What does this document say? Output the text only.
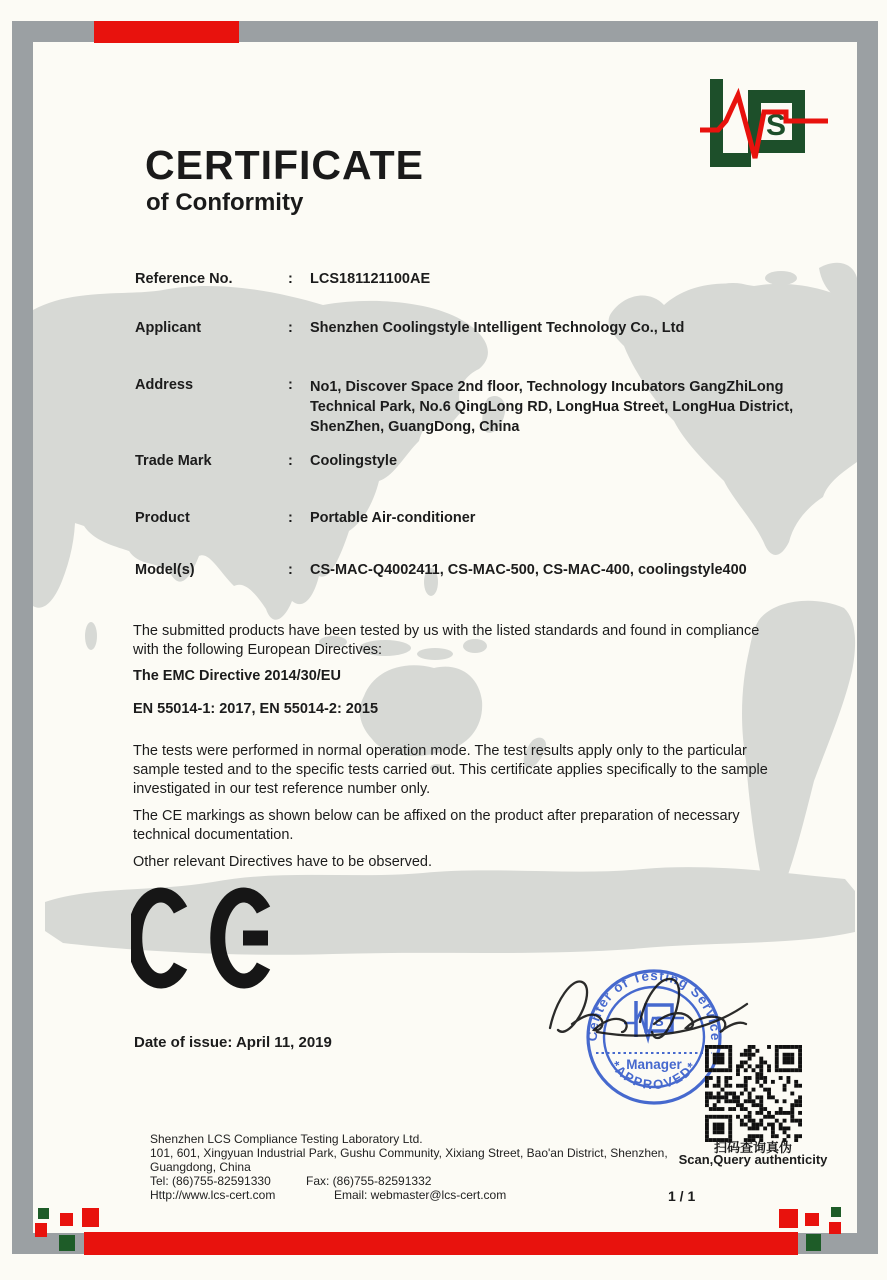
S
CERTIFICATE
of Conformity
Reference No.	: LCS181121100AE
Applicant	: Shenzhen Coolingstyle Intelligent Technology Co., Ltd
Address	: No1, Discover Space 2nd floor, Technology Incubators GangZhiLong
Technical Park, No.6 QingLong RD, LongHua Street, LongHua District,
ShenZhen, GuangDong, China
Trade Mark	: Coolingstyle
Product	: Portable Air-conditioner
Model(s)	: CS-MAC-Q4002411, CS-MAC-500, CS-MAC-400, coolingstyle400
The submitted products have been tested by us with the listed standards and found in compliance
with the following European Directives:
The EMC Directive 2014/30/EU
EN 55014-1: 2017, EN 55014-2: 2015
The tests were performed in normal operation mode. The test results apply only to the particular
sample tested and to the specific tests carried out. This certificate applies specifically to the sample
investigated in our test reference number only.
The CE markings as shown below can be affixed on the product after preparation of necessary
technical documentation.
Other relevant Directives have to be observed.
Date of issue: April 11, 2019	Center of Testing Service
*APPROVED*
Manager
S
扫码查询真伪
Scan,Query authenticity
Shenzhen LCS Compliance Testing Laboratory Ltd.
101, 601, Xingyuan Industrial Park, Gushu Community, Xixiang Street, Bao'an District, Shenzhen,
Guangdong, China
Tel: (86)755-82591330	Fax: (86)755-82591332
Http://www.lcs-cert.com	Email: webmaster@lcs-cert.com	1 / 1
